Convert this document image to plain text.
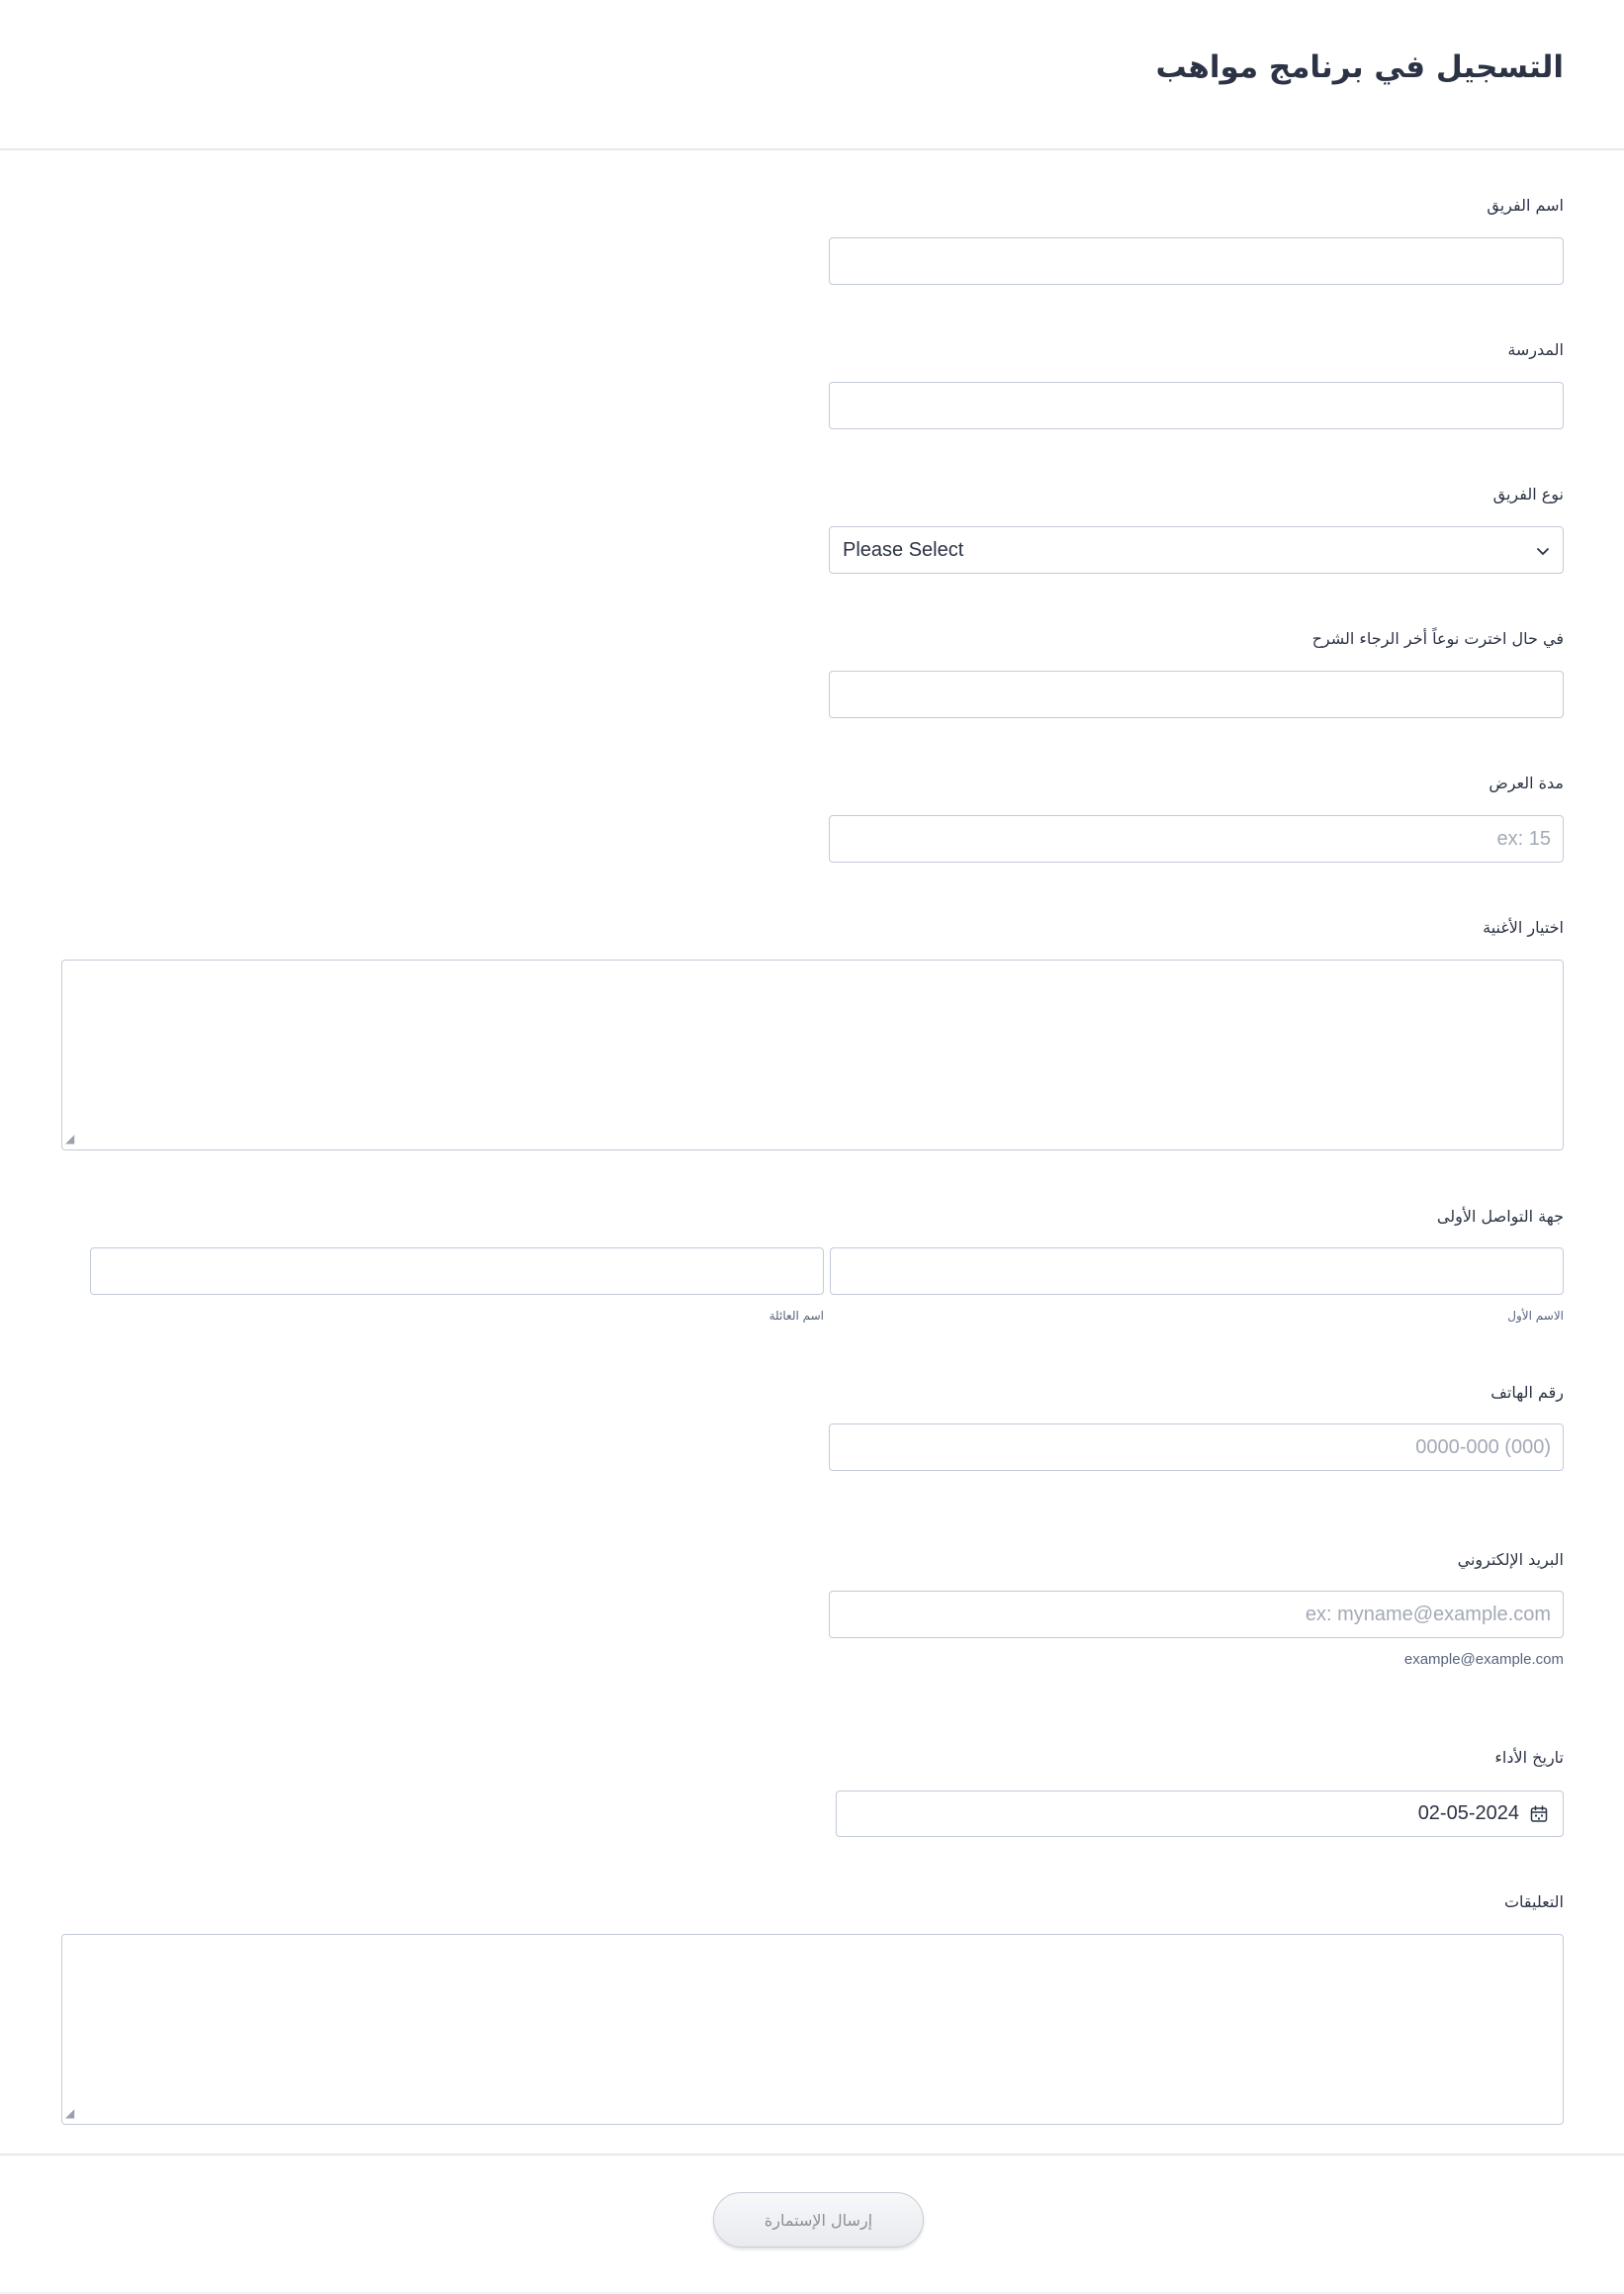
التسجيل في برنامج مواهب
اسم الفريق
المدرسة
نوع الفريق
Please Select
في حال اخترت نوعاً أخر الرجاء الشرح
مدة العرض
ex: 15
اختيار الأغنية
◢
جهة التواصل الأولى
الاسم الأول
اسم العائلة
رقم الهاتف
(000) 0000-000
البريد الإلكتروني
ex: myname@example.com
example@example.com
تاريخ الأداء
02-05-2024
التعليقات
◢
إرسال الإستمارة
